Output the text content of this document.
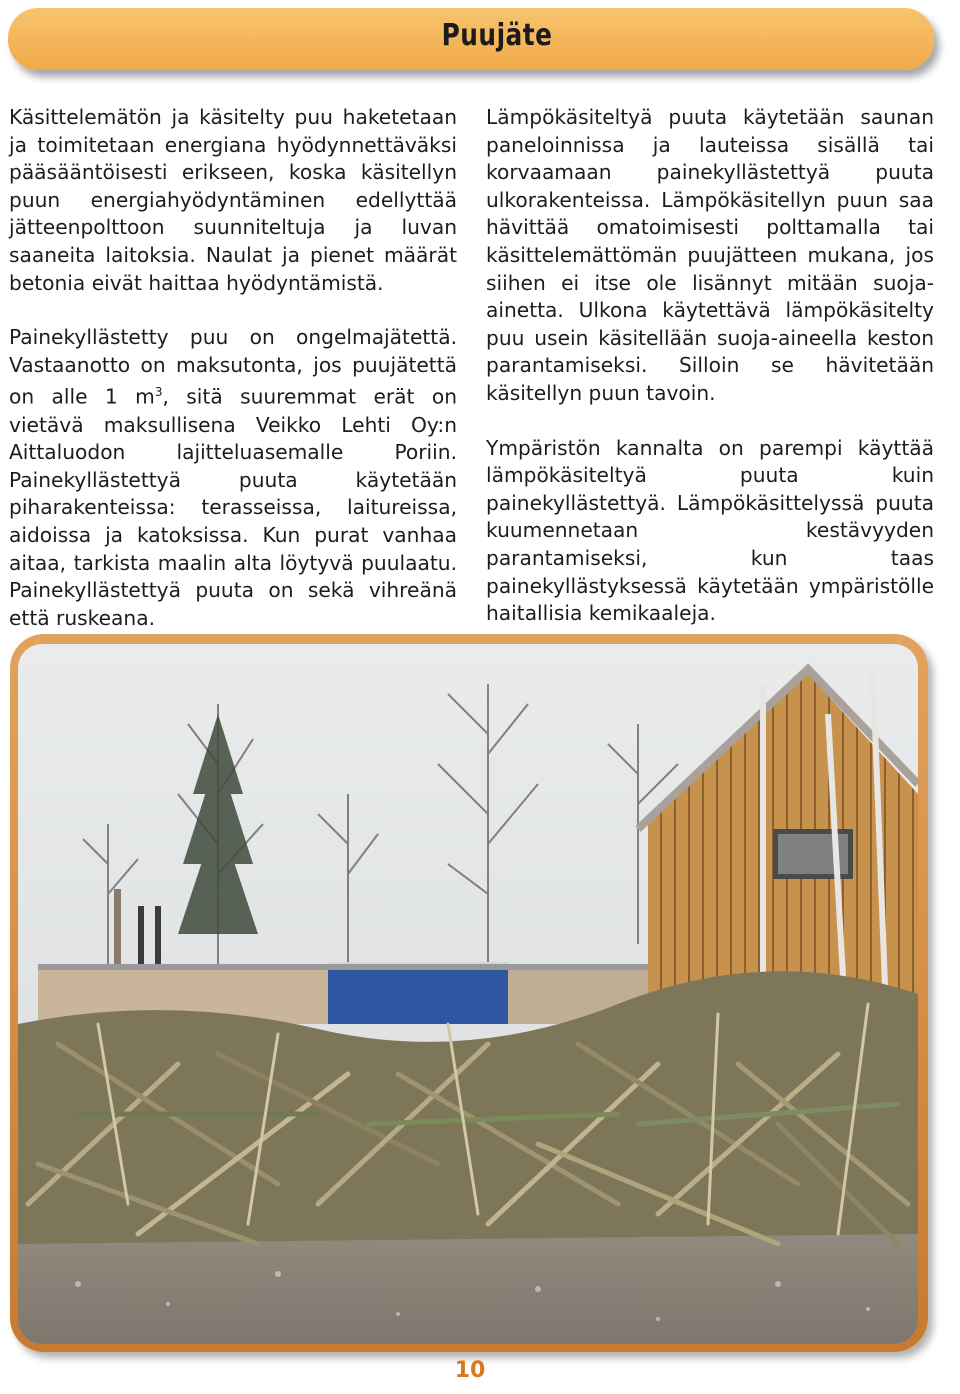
Puujäte

Käsittelemätön ja käsitelty puu haketetaan ja toimitetaan energiana hyödynnettäväksi pääsääntöisesti erikseen, koska käsitellyn puun energiahyödyntäminen edellyttää jätteenpolttoon suunniteltuja ja luvan saaneita laitoksia. Naulat ja pienet määrät betonia eivät haittaa hyödyntämistä.

Painekyllästetty puu on ongelmajätettä. Vastaanotto on maksutonta, jos puujätettä on alle 1 $m^3$, sitä suuremmat erät on vietävä maksullisena Veikko Lehti Oy:n Aittaluodon lajitteluasemalle Poriin. Painekyllästettyä puuta käytetään piharakenteissa: terasseissa, laitureissa, aidoissa ja katoksissa. Kun purat vanhaa aitaa, tarkista maalin alta löytyvä puulaatu. Painekyllästettyä puuta on sekä vihreänä että ruskeana.

Lämpökäsiteltyä puuta käytetään saunan paneloinnissa ja lauteissa sisällä tai korvaamaan painekyllästettyä puuta ulkorakenteissa. Lämpökäsitellyn puun saa hävittää omatoimisesti polttamalla tai käsittelemättömän puujätteen mukana, jos siihen ei itse ole lisännyt mitään suoja-ainetta. Ulkona käytettävä lämpökäsitelty puu usein käsitellään suoja-aineella keston parantamiseksi. Silloin se hävitetään käsitellyn puun tavoin.

Ympäristön kannalta on parempi käyttää lämpökäsiteltyä puuta kuin painekyllästettyä. Lämpökäsittelyssä puuta kuumennetaan kestävyyden parantamiseksi, kun taas painekyllästyksessä käytetään ympäristölle haitallisia kemikaaleja.

10
